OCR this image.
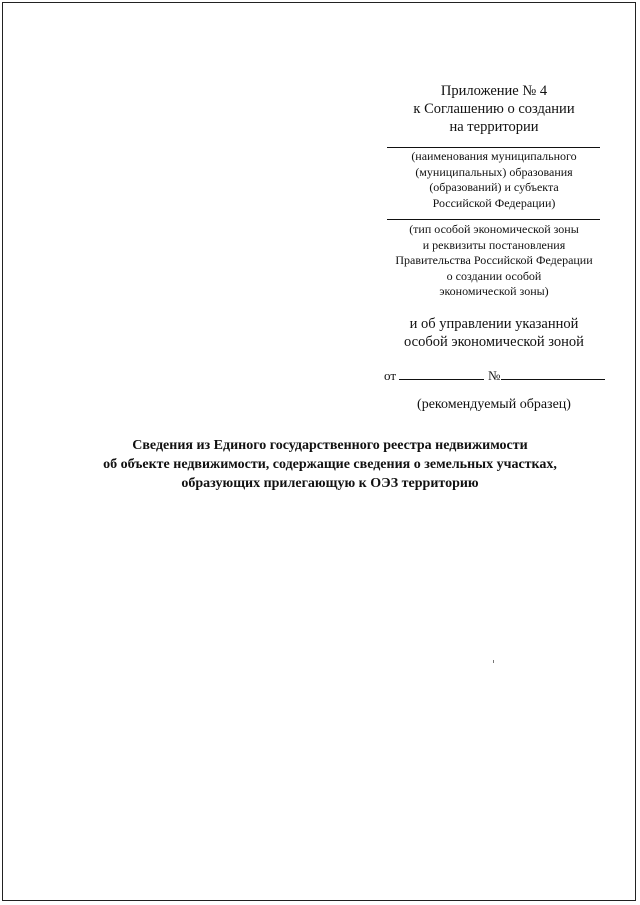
Приложение № 4
к Соглашению о создании
на территории
(наименования муниципального
(муниципальных) образования
(образований) и субъекта
Российской Федерации)
(тип особой экономической зоны
и реквизиты постановления
Правительства Российской Федерации
о создании особой
экономической зоны)
и об управлении указанной
особой экономической зоной
от	№
(рекомендуемый образец)
Сведения из Единого государственного реестра недвижимости
об объекте недвижимости, содержащие сведения о земельных участках,
образующих прилегающую к ОЭЗ территорию
